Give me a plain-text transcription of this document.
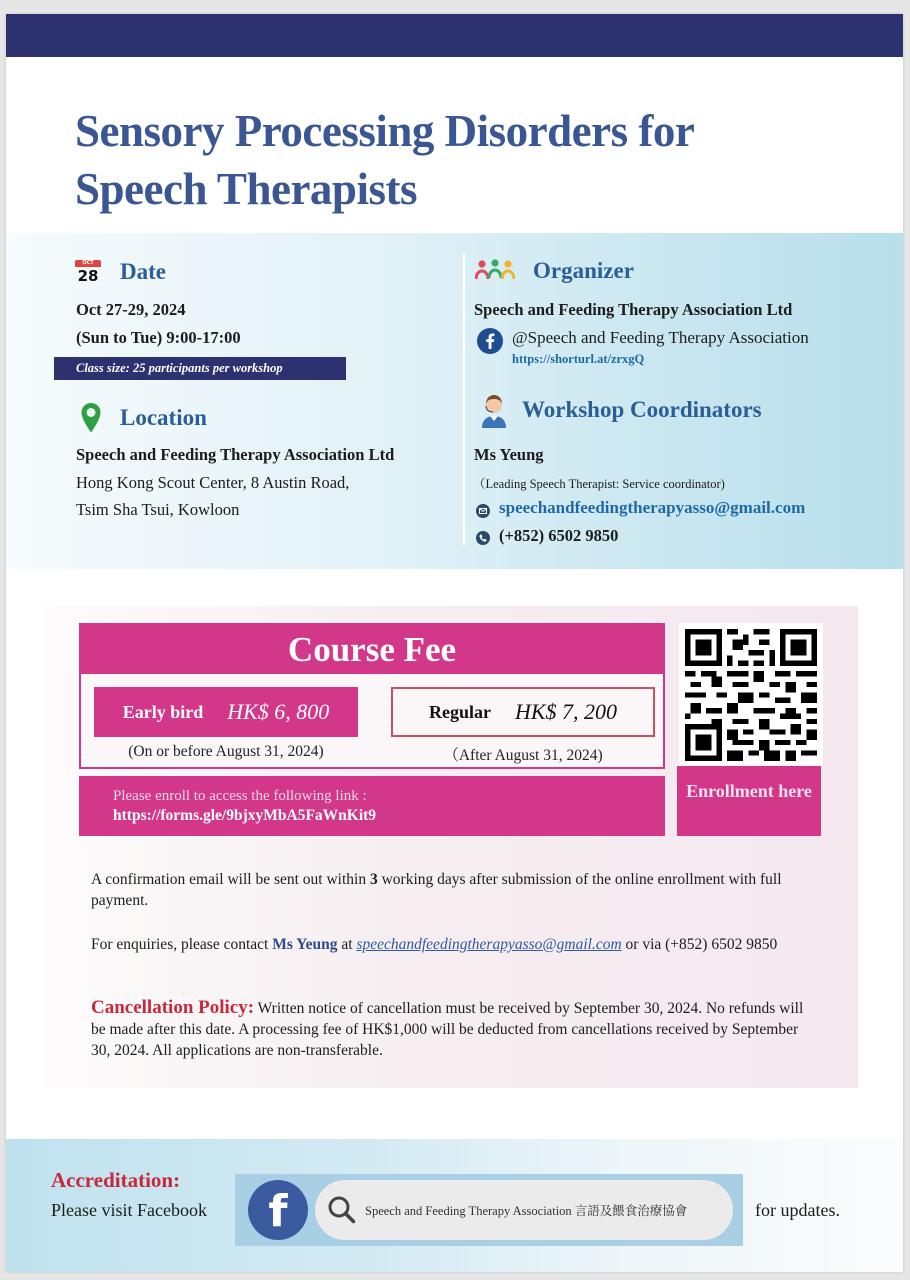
Sensory Processing Disorders for
Speech Therapists
OCT
28 Date
Oct 27-29, 2024
(Sun to Tue) 9:00-17:00
Class size: 25 participants per workshop
Location
Speech and Feeding Therapy Association Ltd
Hong Kong Scout Center, 8 Austin Road,
Tsim Sha Tsui, Kowloon
Organizer
Speech and Feeding Therapy Association Ltd
@Speech and Feeding Therapy Association
https://shorturl.at/zrxgQ
Workshop Coordinators
Ms Yeung
（Leading Speech Therapist: Service coordinator)
speechandfeedingtherapyasso@gmail.com
(+852) 6502 9850
Course Fee
Early bird HK$ 6, 800	Regular HK$ 7, 200
(On or before August 31, 2024)	（After August 31, 2024)
Please enroll to access the following link :
https://forms.gle/9bjxyMbA5FaWnKit9
Enrollment here
A confirmation email will be sent out within 3 working days after submission of the online enrollment with full payment.
For enquiries, please contact Ms Yeung at speechandfeedingtherapyasso@gmail.com or via (+852) 6502 9850
Cancellation Policy: Written notice of cancellation must be received by September 30, 2024. No refunds will be made after this date. A processing fee of HK$1,000 will be deducted from cancellations received by September 30, 2024. All applications are non-transferable.
Accreditation:
Please visit Facebook	f	Speech and Feeding Therapy Association 言語及餵食治療協會	for updates.
